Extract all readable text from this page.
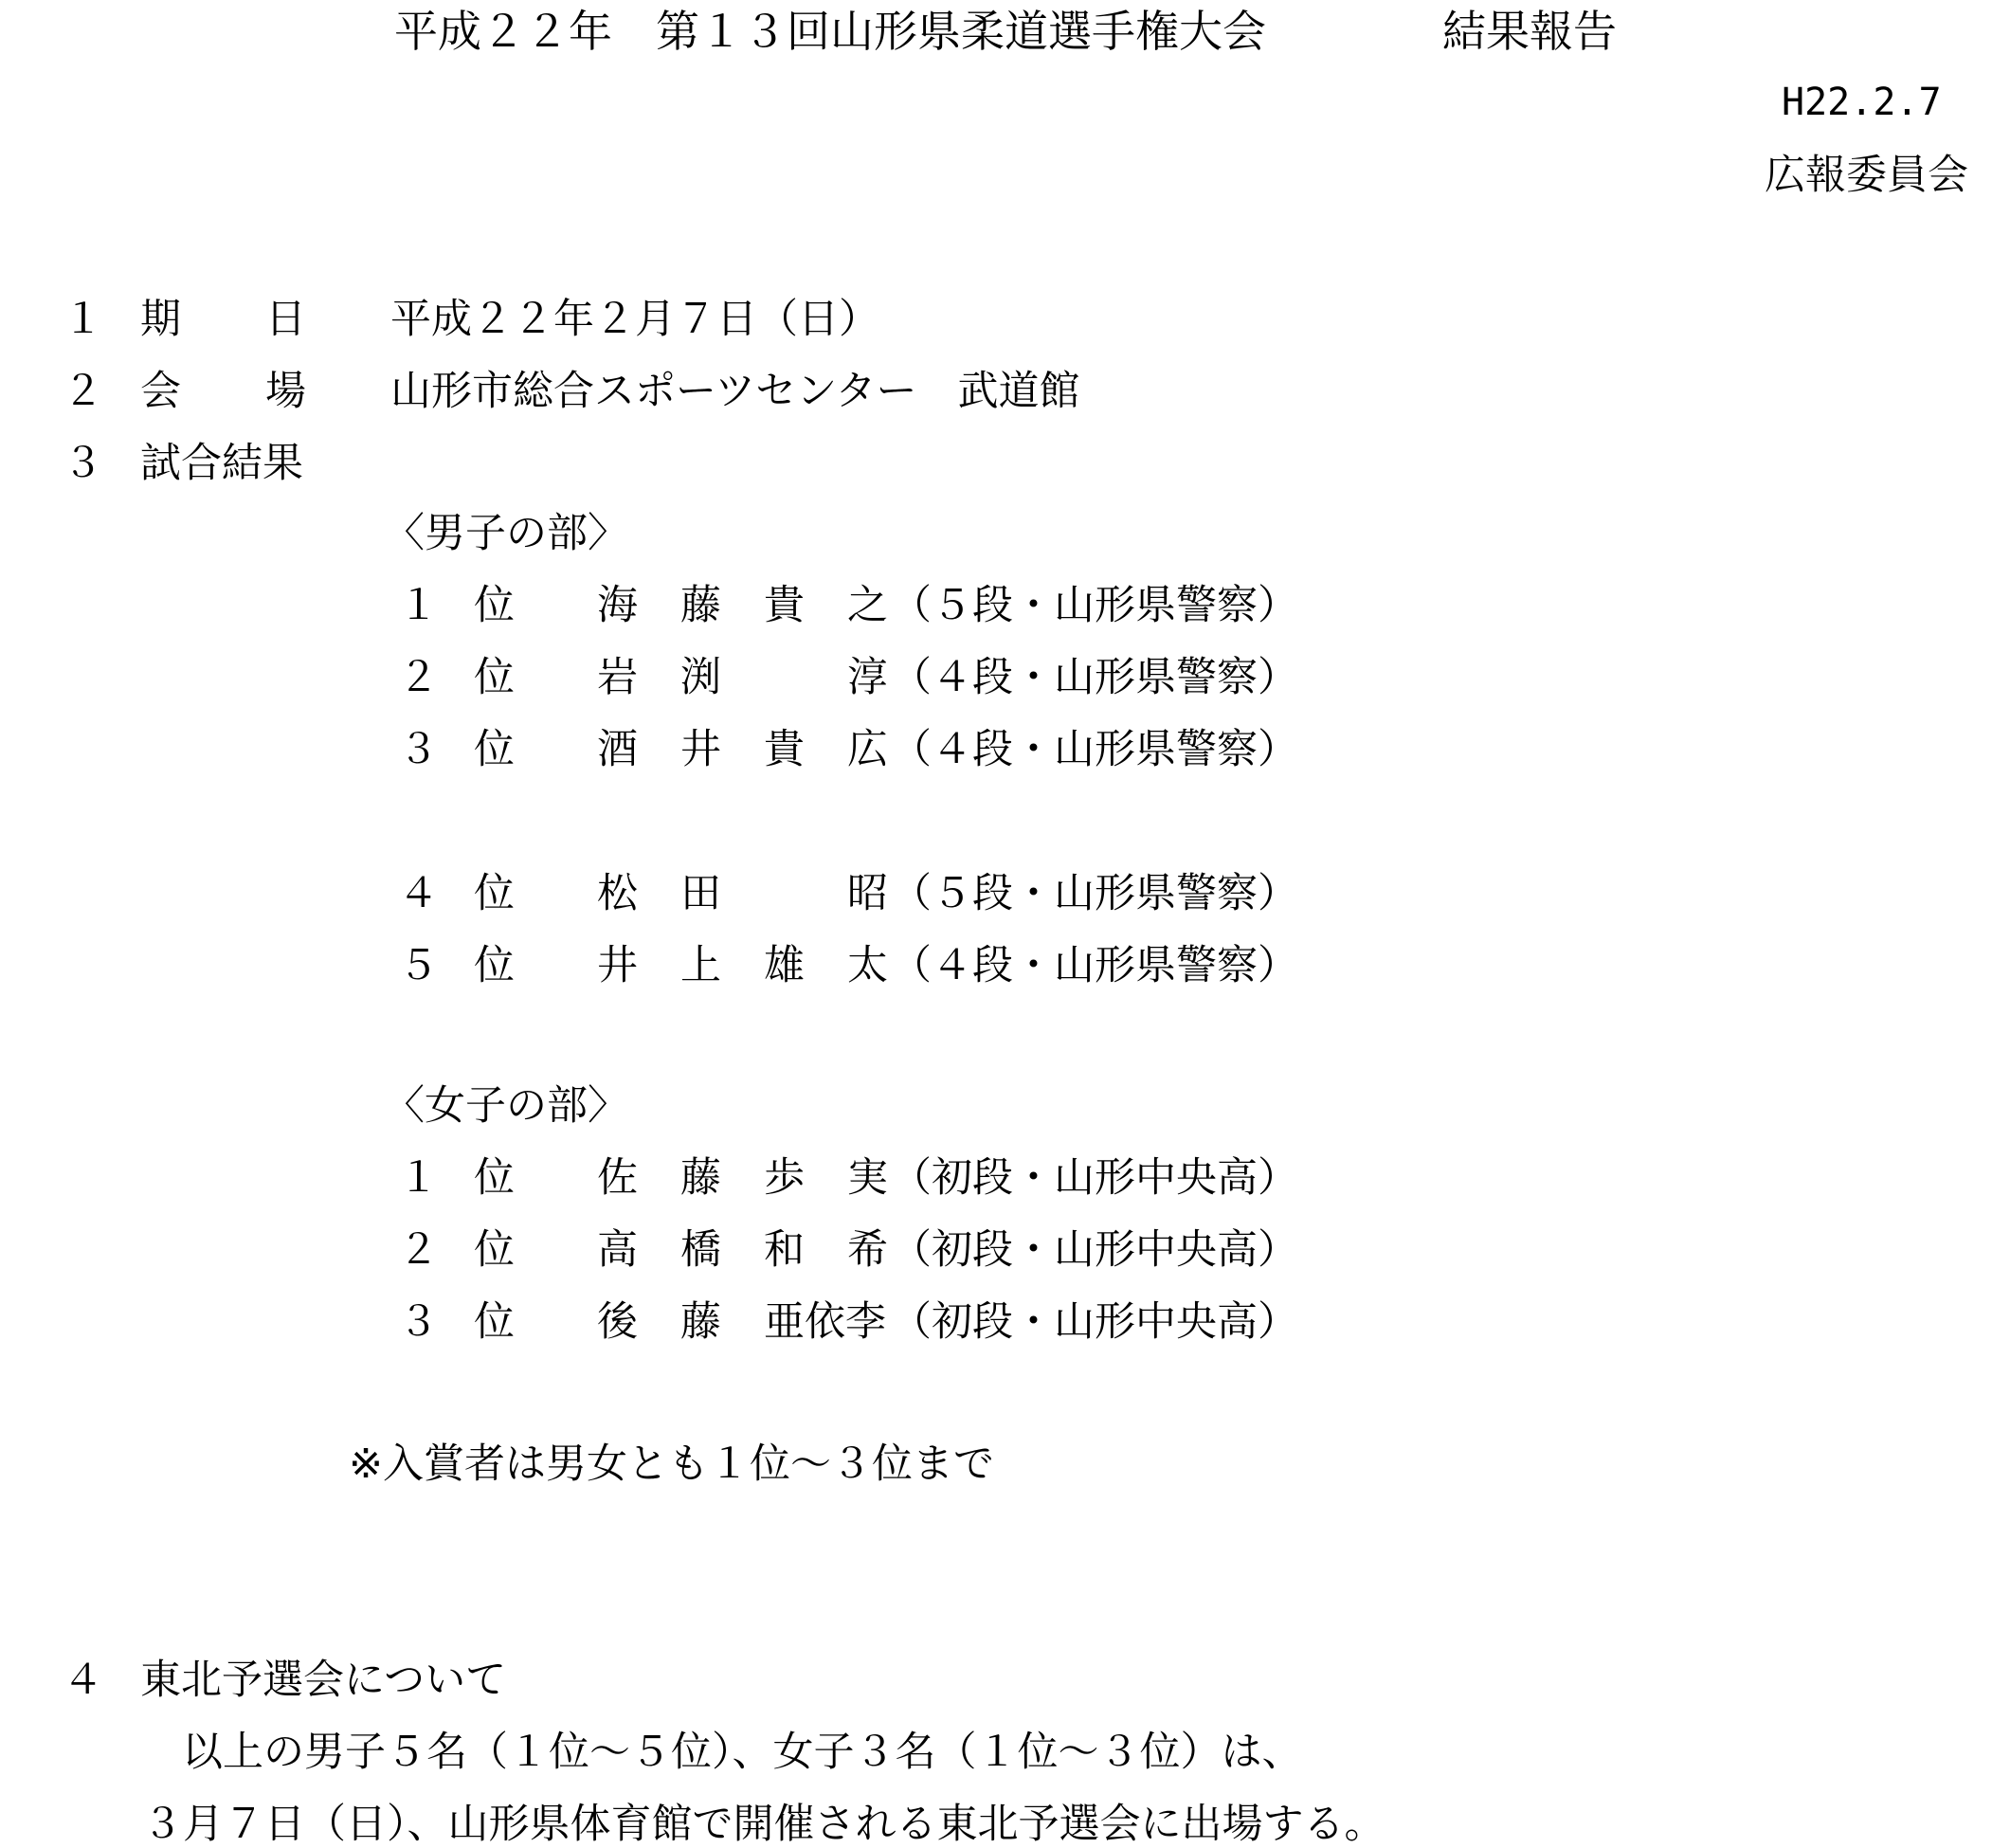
平成２２年　第１３回山形県柔道選手権大会	結果報告
H22.2.7
広報委員会
１ 期 日 平成２２年２月７日（日）
２ 会 場 山形市総合スポーツセンター　武道館
３ 試合結果
〈男子の部〉
１ 位 海 藤 貴 之 （５段・山形県警察）
２ 位 岩 渕	淳 （４段・山形県警察）
３ 位 酒 井 貴 広 （４段・山形県警察）
４ 位 松 田	昭 （５段・山形県警察）
５ 位 井 上 雄 太 （４段・山形県警察）
〈女子の部〉
１ 位 佐 藤 歩 実 （初段・山形中央高）
２ 位 高 橋 和 希 （初段・山形中央高）
３ 位 後 藤 亜依李 （初段・山形中央高）
※入賞者は男女とも１位～３位まで
４ 東北予選会について
以上の男子５名（１位～５位）、女子３名（１位～３位）は、
３月７日（日）、山形県体育館で開催される東北予選会に出場する。
